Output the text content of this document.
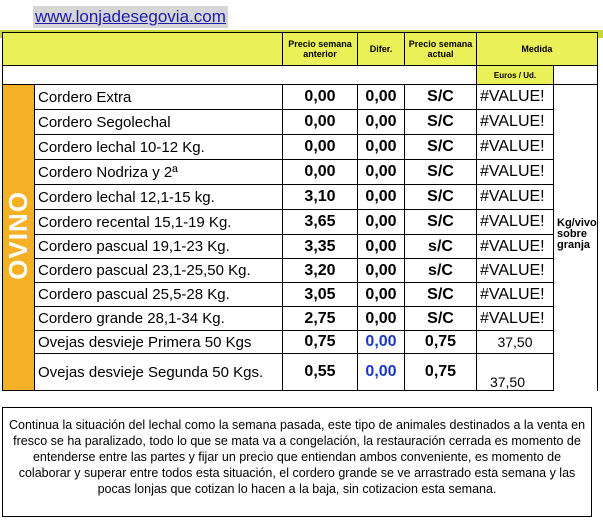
www.lonjadesegovia.com
		Precio semana anterior	Difer.	Precio semana actual	Medida	
					Euros / Ud.	
OVINO	Cordero Extra	0,00	0,00	S/C	#VALUE!	
	Cordero Segolechal	0,00	0,00	S/C	#VALUE!	
	Cordero lechal 10-12 Kg.	0,00	0,00	S/C	#VALUE!	
	Cordero Nodriza y 2ª	0,00	0,00	S/C	#VALUE!	
	Cordero lechal 12,1-15 kg.	3,10	0,00	S/C	#VALUE!	
	Cordero recental 15,1-19 Kg.	3,65	0,00	S/C	#VALUE!	Kg/vivo sobre granja
	Cordero pascual 19,1-23 Kg.	3,35	0,00	s/C	#VALUE!	
	Cordero pascual 23,1-25,50 Kg.	3,20	0,00	s/C	#VALUE!	
	Cordero pascual 25,5-28 Kg.	3,05	0,00	S/C	#VALUE!	
	Cordero grande 28,1-34 Kg.	2,75	0,00	S/C	#VALUE!	
	Ovejas desvieje Primera 50 Kgs	0,75	0,00	0,75	37,50	
	Ovejas desvieje Segunda 50 Kgs.	0,55	0,00	0,75	37,50	
Continua la situación del lechal como la semana pasada, este tipo de animales destinados a la venta en fresco se ha paralizado, todo lo que se mata va a congelación, la restauración cerrada es momento de entenderse entre las partes y fijar un precio que entiendan ambos conveniente, es momento de colaborar y superar entre todos esta situación, el cordero grande se ve arrastrado esta semana y las pocas lonjas que cotizan lo hacen a la baja, sin cotizacion esta semana.
